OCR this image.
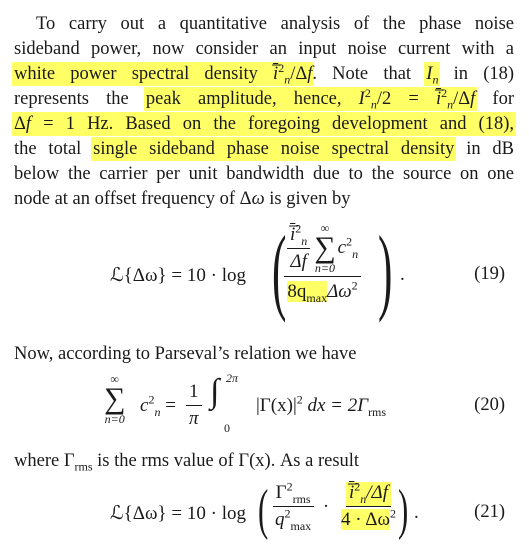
To carry out a quantitative analysis of the phase noise
sideband power, now consider an input noise current with a
white power spectral density i̅$^2_n$/Δf. Note that $I_n$ in (18)
represents the peak amplitude, hence, $I^2_n/2$ = i̅$^2_n$/Δf for
Δf = 1 Hz. Based on the foregoing development and (18),
the total single sideband phase noise spectral density in dB
below the carrier per unit bandwidth due to the source on one
node at an offset frequency of Δω is given by
ℒ{Δω} = 10 · log ( $\frac{i̅^2_n}{\Delta f}$ ∞
∑
n=0
$c^2_n$
$8q_{max}\Delta\omega^2$ ) .	(19)
Now, according to Parseval’s relation we have
∞
∑
n=0
$c^2_n = \frac{1}{\pi}$ ∫ 2π
0
$|\Gamma(x)|^2$ dx = $2\Gamma_{rms}$	(20)
where $\Gamma_{rms}$ is the rms value of Γ(x). As a result
ℒ{Δω} = 10 · log ( $\frac{\Gamma^2_{rms}}{q^2_{max}} \cdot \frac{i̅^2_n/\Delta f}{4 \cdot \Delta\omega^2}$
) .	(21)
